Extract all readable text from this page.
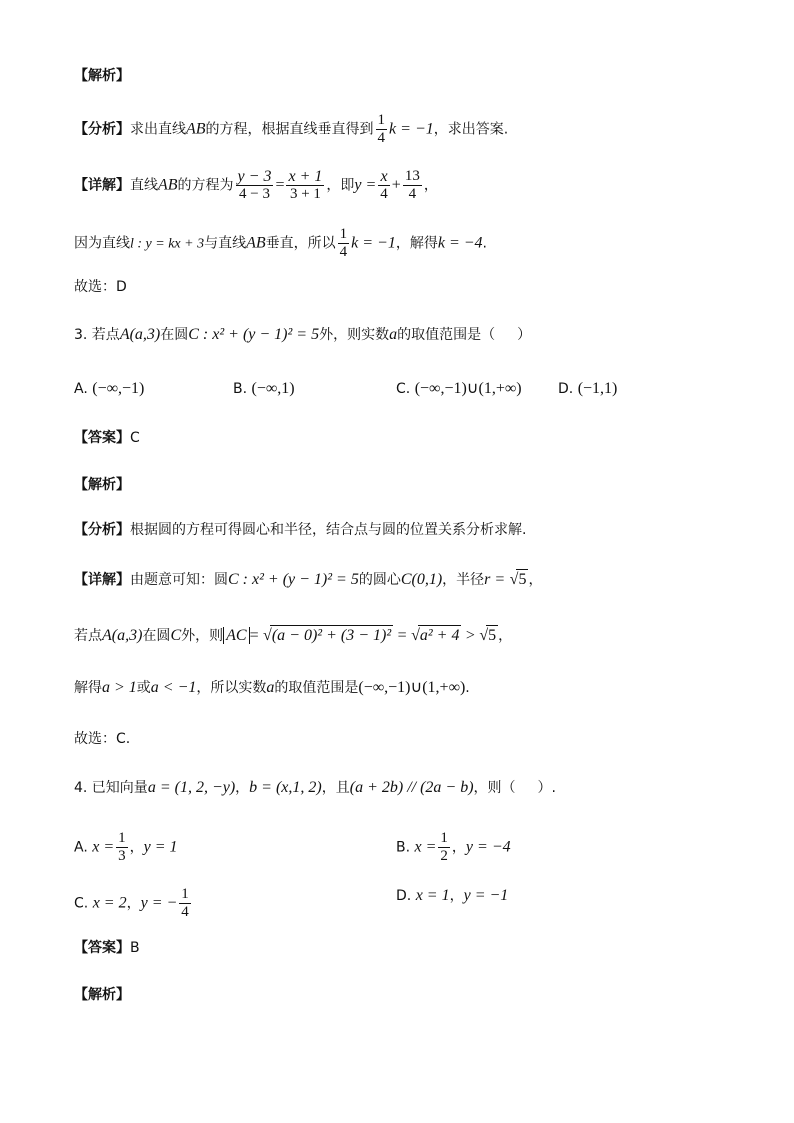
【解析】
【分析】求出直线AB的方程，根据直线垂直得到 $\frac{1}{4}$ k = −1，求出答案.
【详解】直线AB的方程为 $\frac{y - 3}{4 - 3} = \frac{x + 1}{3 + 1}$ ，即$y = \frac{x}{4} + \frac{13}{4}$ ，
因为直线l : y = kx + 3与直线AB垂直，所以 $\frac{1}{4}$ k = −1，解得k = −4.
故选：D
3. 若点A(a,3)在圆C : x² + (y − 1)² = 5外，则实数a的取值范围是（ ）
A. (−∞,−1)	B. (−∞,1)	C. (−∞,−1)∪(1,+∞)	D. (−1,1)
【答案】C
【解析】
【分析】根据圆的方程可得圆心和半径，结合点与圆的位置关系分析求解.
【详解】由题意可知：圆C : x² + (y − 1)² = 5的圆心C(0,1)，半径r = √5 ，
若点A(a,3)在圆C外，则 AC = √(a − 0)² + (3 − 1)² = √a² + 4 > √5 ，
解得a > 1或a < −1，所以实数a的取值范围是(−∞,−1)∪(1,+∞).
故选：C.
4. 已知向量a = (1, 2, −y)，b = (x,1, 2)，且(a + 2b) // (2a − b)，则（ ）.
A. $x = \frac{1}{3}$ ，y = 1	B. $x = \frac{1}{2}$ ，y = −4
C. x = 2，y = − $\frac{1}{4}$	D. x = 1，y = −1
【答案】B
【解析】
